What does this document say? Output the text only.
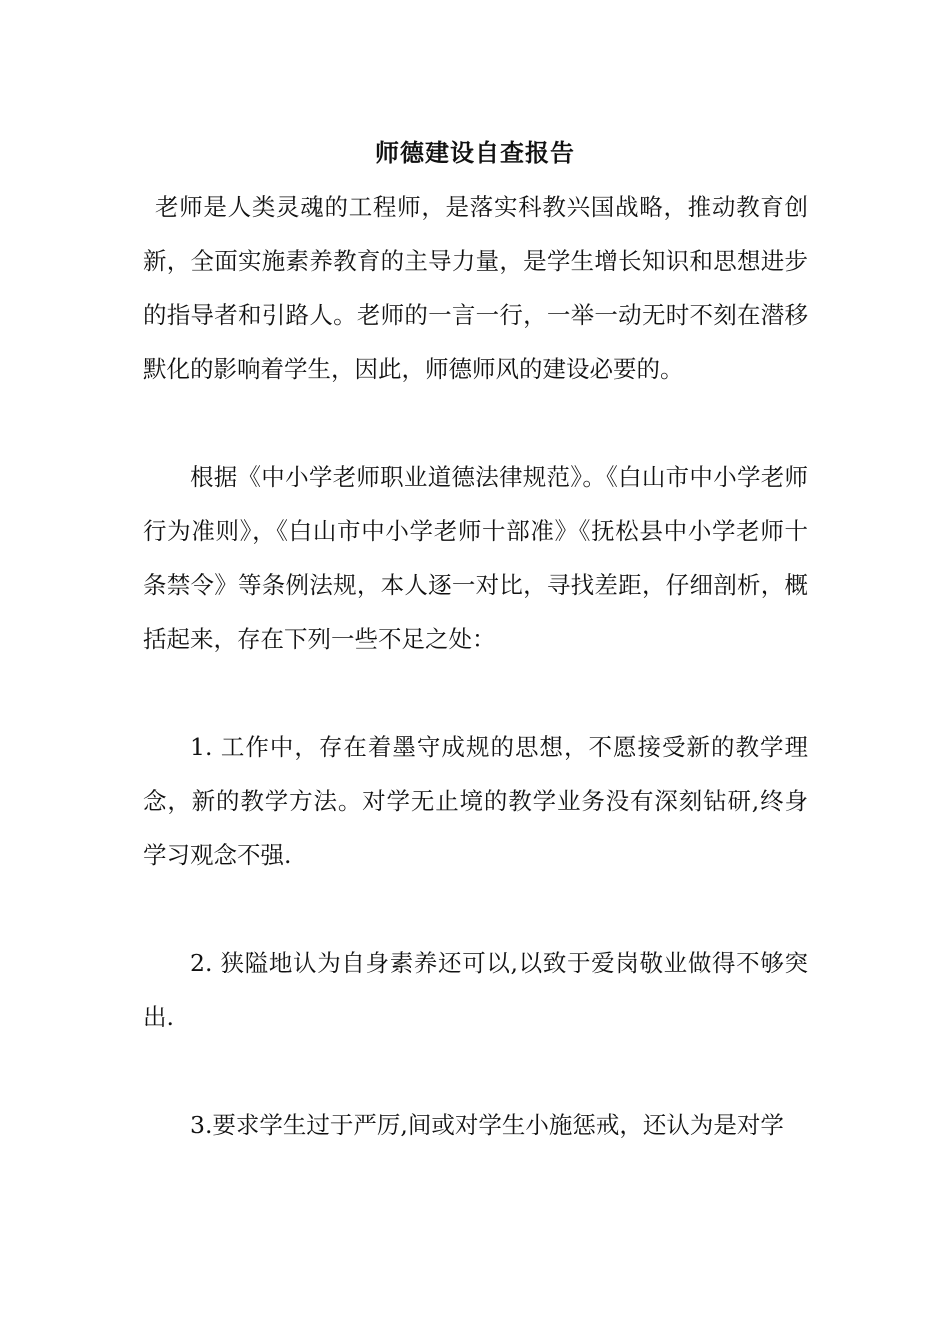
师德建设自查报告

老师是人类灵魂的工程师，是落实科教兴国战略，推动教育创新，全面实施素养教育的主导力量，是学生增长知识和思想进步的指导者和引路人。老师的一言一行，一举一动无时不刻在潜移默化的影响着学生，因此，师德师风的建设必要的。

根据《中小学老师职业道德法律规范》。《白山市中小学老师行为准则》，《白山市中小学老师十部准》《抚松县中小学老师十条禁令》等条例法规，本人逐一对比，寻找差距，仔细剖析，概括起来，存在下列一些不足之处：

1. 工作中，存在着墨守成规的思想，不愿接受新的教学理念，新的教学方法。对学无止境的教学业务没有深刻钻研,终身学习观念不强.

2. 狭隘地认为自身素养还可以,以致于爱岗敬业做得不够突出.

3.要求学生过于严厉,间或对学生小施惩戒，还认为是对学
